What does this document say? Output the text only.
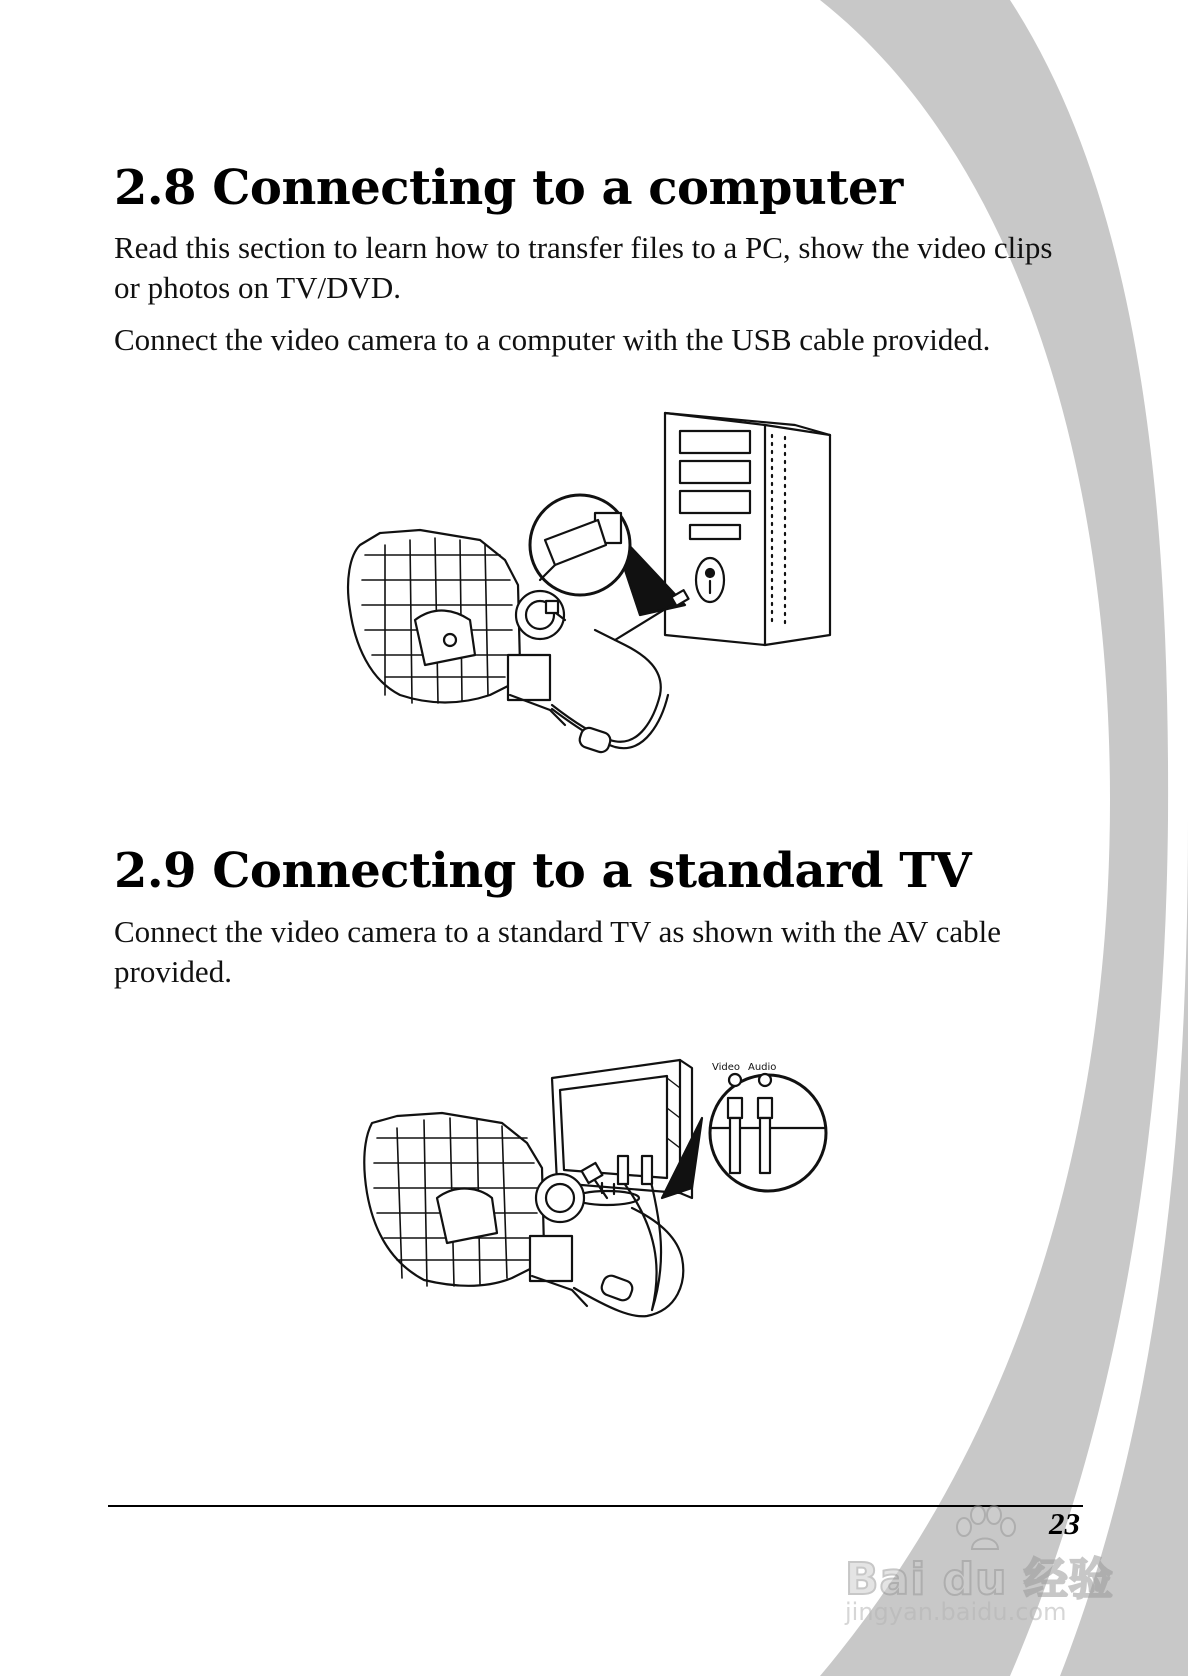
2.8 Connecting to a computer

Read this section to learn how to transfer files to a PC, show the video clips or photos on TV/DVD.

Connect the video camera to a computer with the USB cable provided.

2.9 Connecting to a standard TV

Connect the video camera to a standard TV as shown with the AV cable provided.

Video Audio
23
Bai du 经验
jingyan.baidu.com
